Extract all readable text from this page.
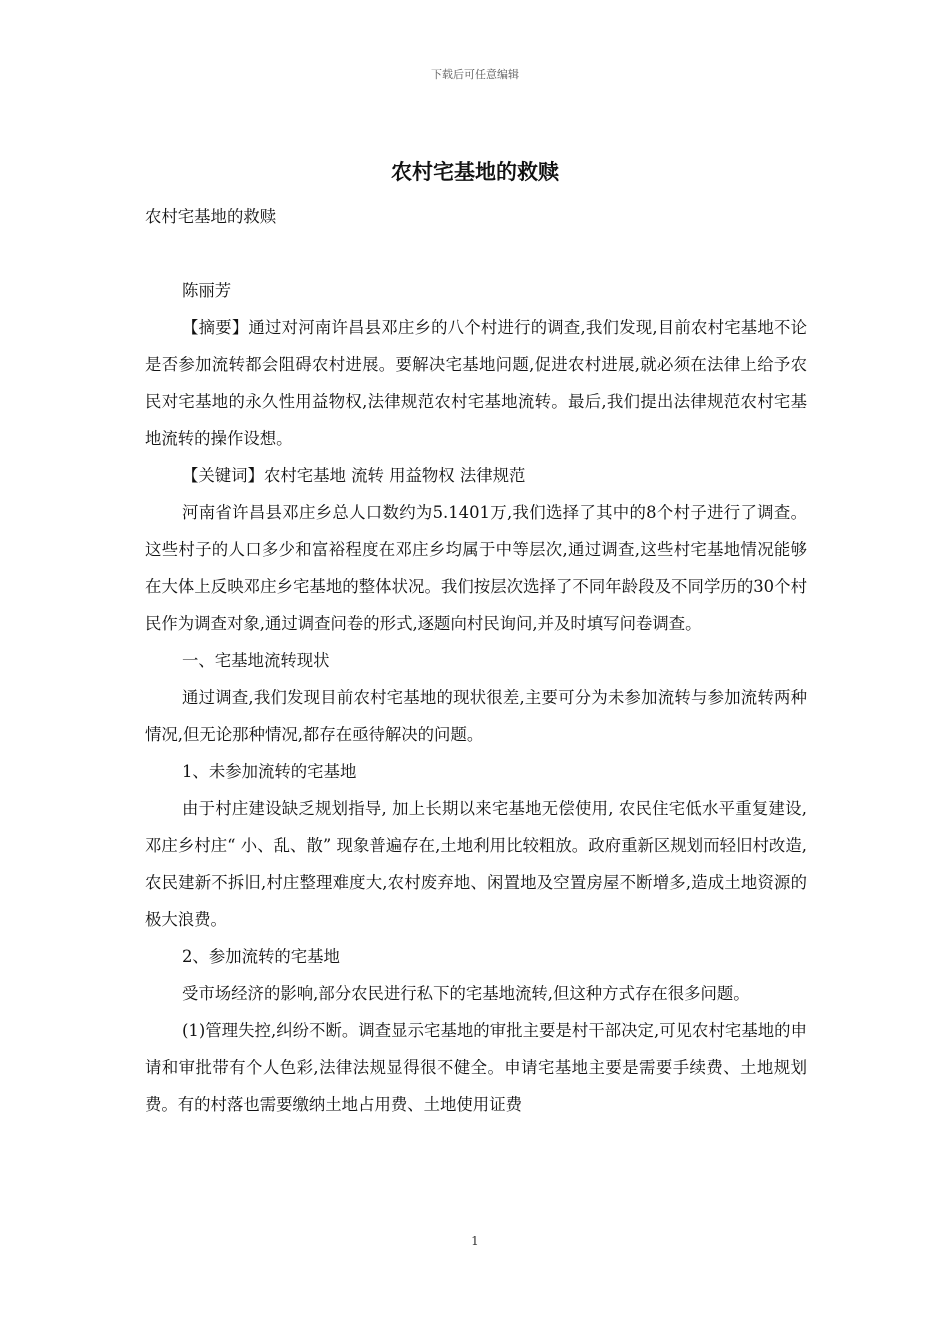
下载后可任意编辑
农村宅基地的救赎

农村宅基地的救赎

陈丽芳

【摘要】通过对河南许昌县邓庄乡的八个村进行的调查,我们发现,目前农村宅基地不论是否参加流转都会阻碍农村进展。要解决宅基地问题,促进农村进展,就必须在法律上给予农民对宅基地的永久性用益物权,法律规范农村宅基地流转。最后,我们提出法律规范农村宅基地流转的操作设想。

【关键词】农村宅基地 流转 用益物权 法律规范

河南省许昌县邓庄乡总人口数约为5.1401万,我们选择了其中的8个村子进行了调查。这些村子的人口多少和富裕程度在邓庄乡均属于中等层次,通过调查,这些村宅基地情况能够在大体上反映邓庄乡宅基地的整体状况。我们按层次选择了不同年龄段及不同学历的30个村民作为调查对象,通过调查问卷的形式,逐题向村民询问,并及时填写问卷调查。

一、宅基地流转现状

通过调查,我们发现目前农村宅基地的现状很差,主要可分为未参加流转与参加流转两种情况,但无论那种情况,都存在亟待解决的问题。

1、未参加流转的宅基地

由于村庄建设缺乏规划指导, 加上长期以来宅基地无偿使用, 农民住宅低水平重复建设,邓庄乡村庄“ 小、乱、散” 现象普遍存在,土地利用比较粗放。政府重新区规划而轻旧村改造,农民建新不拆旧,村庄整理难度大,农村废弃地、闲置地及空置房屋不断增多,造成土地资源的极大浪费。

2、参加流转的宅基地

受市场经济的影响,部分农民进行私下的宅基地流转,但这种方式存在很多问题。

(1)管理失控,纠纷不断。调查显示宅基地的审批主要是村干部决定,可见农村宅基地的申请和审批带有个人色彩,法律法规显得很不健全。申请宅基地主要是需要手续费、土地规划费。有的村落也需要缴纳土地占用费、土地使用证费

1
